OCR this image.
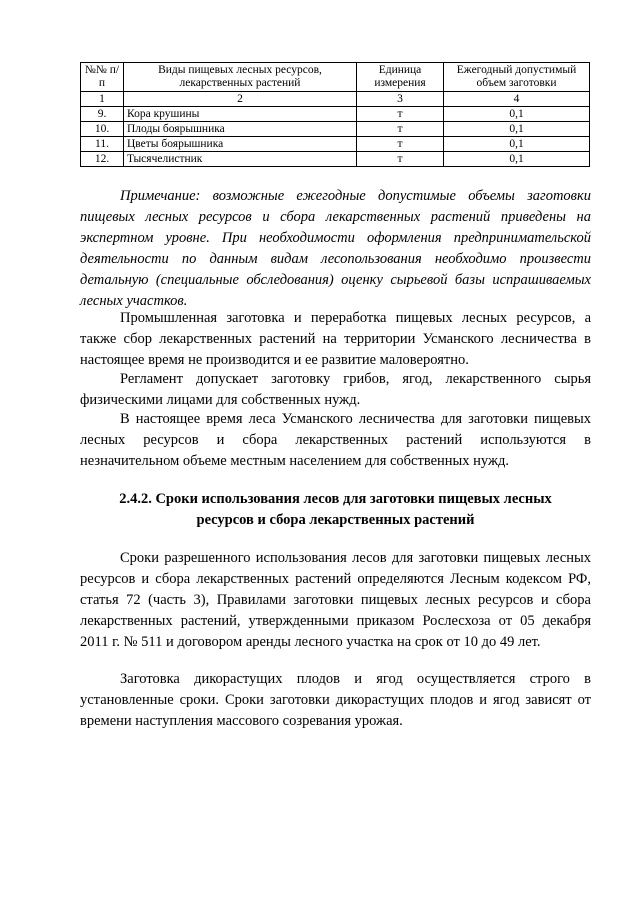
№№ п/п	Виды пищевых лесных ресурсов, лекарственных растений	Единица измерения	Ежегодный допустимый объем заготовки
1	2	3	4
9.	Кора крушины	т	0,1
10.	Плоды боярышника	т	0,1
11.	Цветы боярышника	т	0,1
12.	Тысячелистник	т	0,1

Примечание: возможные ежегодные допустимые объемы заготовки пищевых лесных ресурсов и сбора лекарственных растений приведены на экспертном уровне. При необходимости оформления предпринимательской деятельности по данным видам лесопользования необходимо произвести детальную (специальные обследования) оценку сырьевой базы испрашиваемых лесных участков.

Промышленная заготовка и переработка пищевых лесных ресурсов, а также сбор лекарственных растений на территории Усманского лесничества в настоящее время не производится и ее развитие маловероятно.

Регламент допускает заготовку грибов, ягод, лекарственного сырья физическими лицами для собственных нужд.

В настоящее время леса Усманского лесничества для заготовки пищевых лесных ресурсов и сбора лекарственных растений используются в незначительном объеме местным населением для собственных нужд.

2.4.2. Сроки использования лесов для заготовки пищевых лесных
ресурсов и сбора лекарственных растений

Сроки разрешенного использования лесов для заготовки пищевых лесных ресурсов и сбора лекарственных растений определяются Лесным кодексом РФ, статья 72 (часть 3), Правилами заготовки пищевых лесных ресурсов и сбора лекарственных растений, утвержденными приказом Рослесхоза от 05 декабря 2011 г. № 511 и договором аренды лесного участка на срок от 10 до 49 лет.

Заготовка дикорастущих плодов и ягод осуществляется строго в установленные сроки. Сроки заготовки дикорастущих плодов и ягод зависят от времени наступления массового созревания урожая.
